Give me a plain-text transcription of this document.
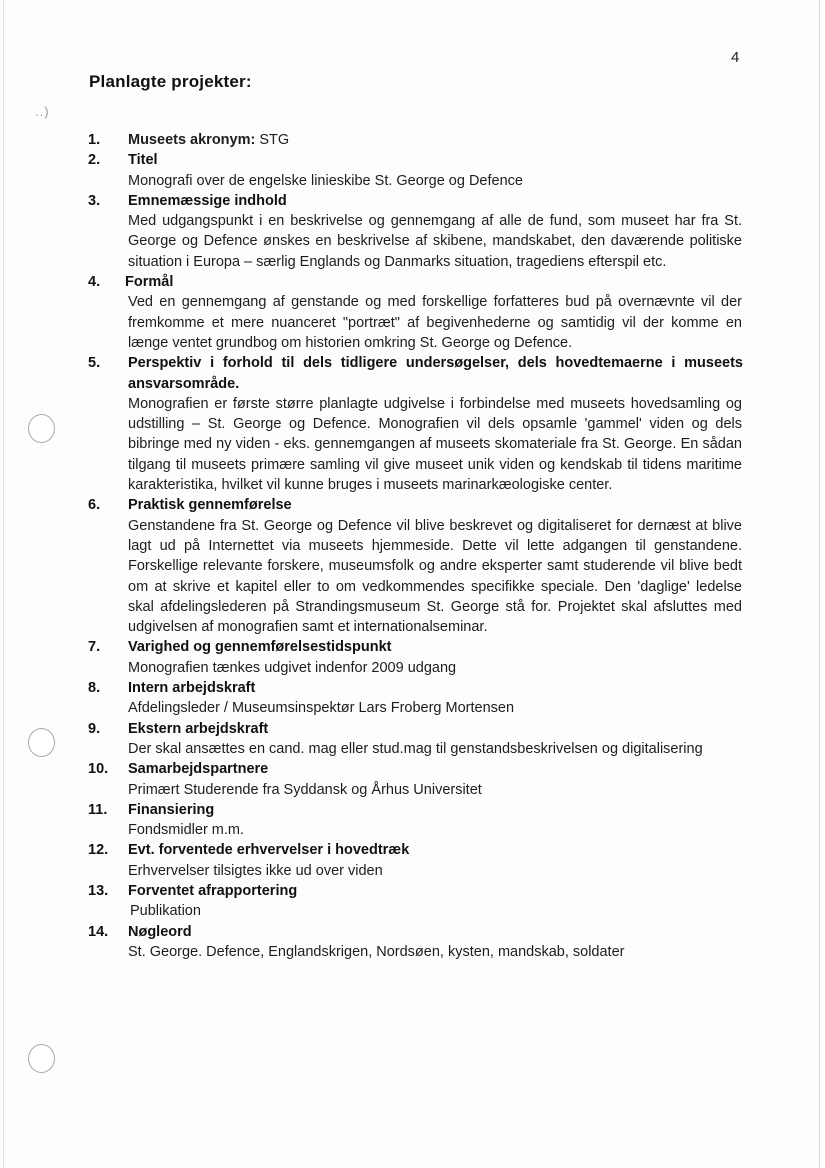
4
Planlagte projekter:
..)
1. Museets akronym: STG
2. Titel
Monografi over de engelske linieskibe St. George og Defence
3. Emnemæssige indhold
Med udgangspunkt i en beskrivelse og gennemgang af alle de fund, som museet har fra St. George og Defence ønskes en beskrivelse af skibene, mandskabet, den daværende politiske situation i Europa – særlig Englands og Danmarks situation, tragediens efterspil etc.
4. Formål
Ved en gennemgang af genstande og med forskellige forfatteres bud på overnævnte vil der fremkomme et mere nuanceret "portræt" af begivenhederne og samtidig vil der komme en længe ventet grundbog om historien omkring St. George og Defence.
5. Perspektiv i forhold til dels tidligere undersøgelser, dels hovedtemaerne i museets ansvarsområde.
Monografien er første større planlagte udgivelse i forbindelse med museets hovedsamling og udstilling – St. George og Defence. Monografien vil dels opsamle 'gammel' viden og dels bibringe med ny viden - eks. gennemgangen af museets skomateriale fra St. George. En sådan tilgang til museets primære samling vil give museet unik viden og kendskab til tidens maritime karakteristika, hvilket vil kunne bruges i museets marinarkæologiske center.
6. Praktisk gennemførelse
Genstandene fra St. George og Defence vil blive beskrevet og digitaliseret for dernæst at blive lagt ud på Internettet via museets hjemmeside. Dette vil lette adgangen til genstandene. Forskellige relevante forskere, museumsfolk og andre eksperter samt studerende vil blive bedt om at skrive et kapitel eller to om vedkommendes specifikke speciale. Den 'daglige' ledelse skal afdelingslederen på Strandingsmuseum St. George stå for. Projektet skal afsluttes med udgivelsen af monografien samt et internationalseminar.
7. Varighed og gennemførelsestidspunkt
Monografien tænkes udgivet indenfor 2009 udgang
8. Intern arbejdskraft
Afdelingsleder / Museumsinspektør Lars Froberg Mortensen
9. Ekstern arbejdskraft
Der skal ansættes en cand. mag eller stud.mag til genstandsbeskrivelsen og digitalisering
10. Samarbejdspartnere
Primært Studerende fra Syddansk og Århus Universitet
11. Finansiering
Fondsmidler m.m.
12. Evt. forventede erhvervelser i hovedtræk
Erhvervelser tilsigtes ikke ud over viden
13. Forventet afrapportering
Publikation
14. Nøgleord
St. George. Defence, Englandskrigen, Nordsøen, kysten, mandskab, soldater
